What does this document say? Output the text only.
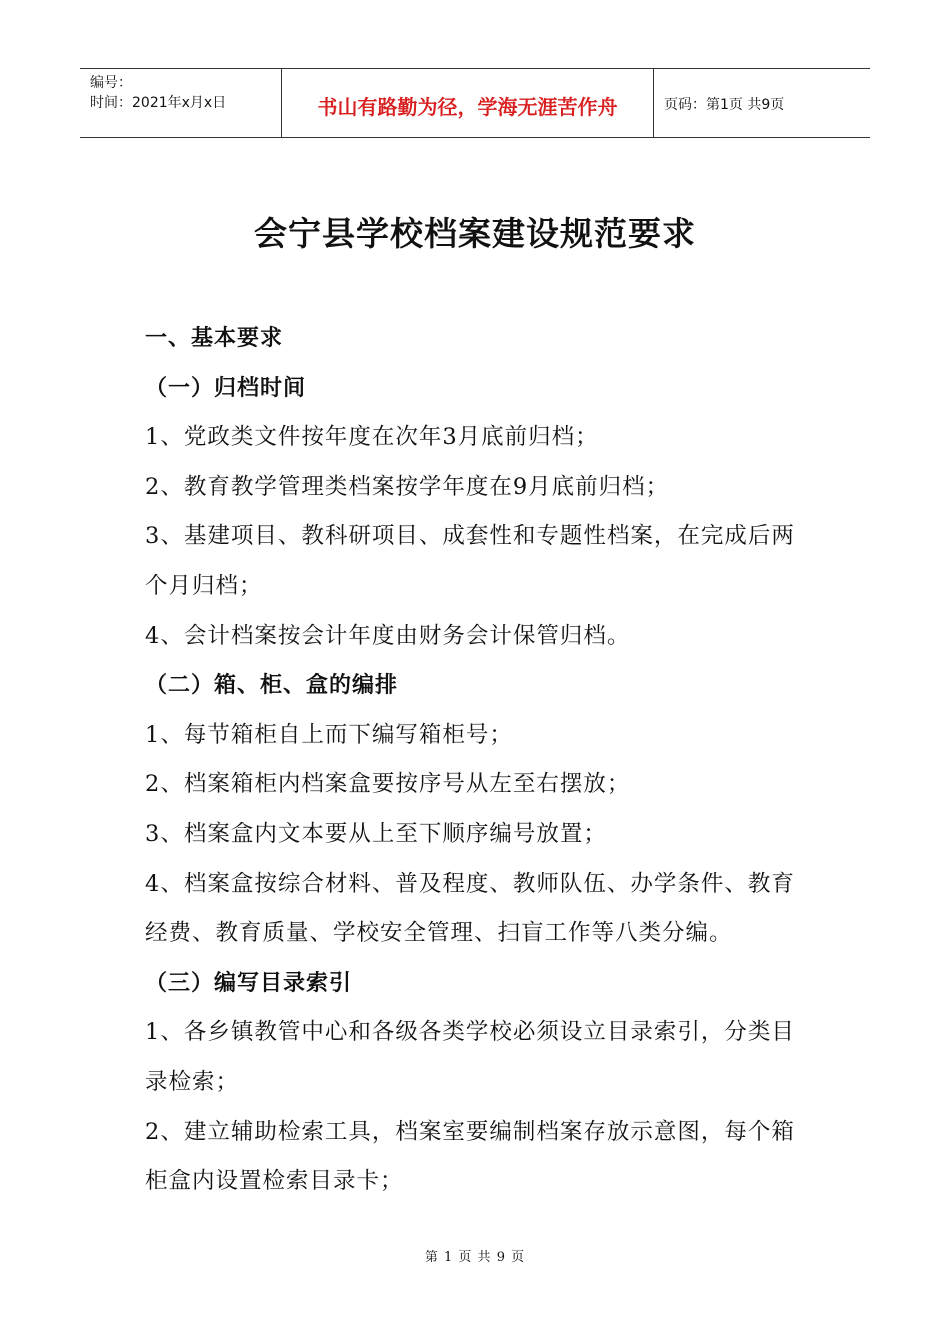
编号：
时间：2021年x月x日	书山有路勤为径，学海无涯苦作舟	页码：第1页 共9页
会宁县学校档案建设规范要求

一、基本要求

（一）归档时间

1、党政类文件按年度在次年3月底前归档；

2、教育教学管理类档案按学年度在9月底前归档；

3、基建项目、教科研项目、成套性和专题性档案，在完成后两个月归档；

4、会计档案按会计年度由财务会计保管归档。

（二）箱、柜、盒的编排

1、每节箱柜自上而下编写箱柜号；

2、档案箱柜内档案盒要按序号从左至右摆放；

3、档案盒内文本要从上至下顺序编号放置；

4、档案盒按综合材料、普及程度、教师队伍、办学条件、教育经费、教育质量、学校安全管理、扫盲工作等八类分编。

（三）编写目录索引

1、各乡镇教管中心和各级各类学校必须设立目录索引，分类目录检索；

2、建立辅助检索工具，档案室要编制档案存放示意图，每个箱柜盒内设置检索目录卡；

第 1 页 共 9 页
